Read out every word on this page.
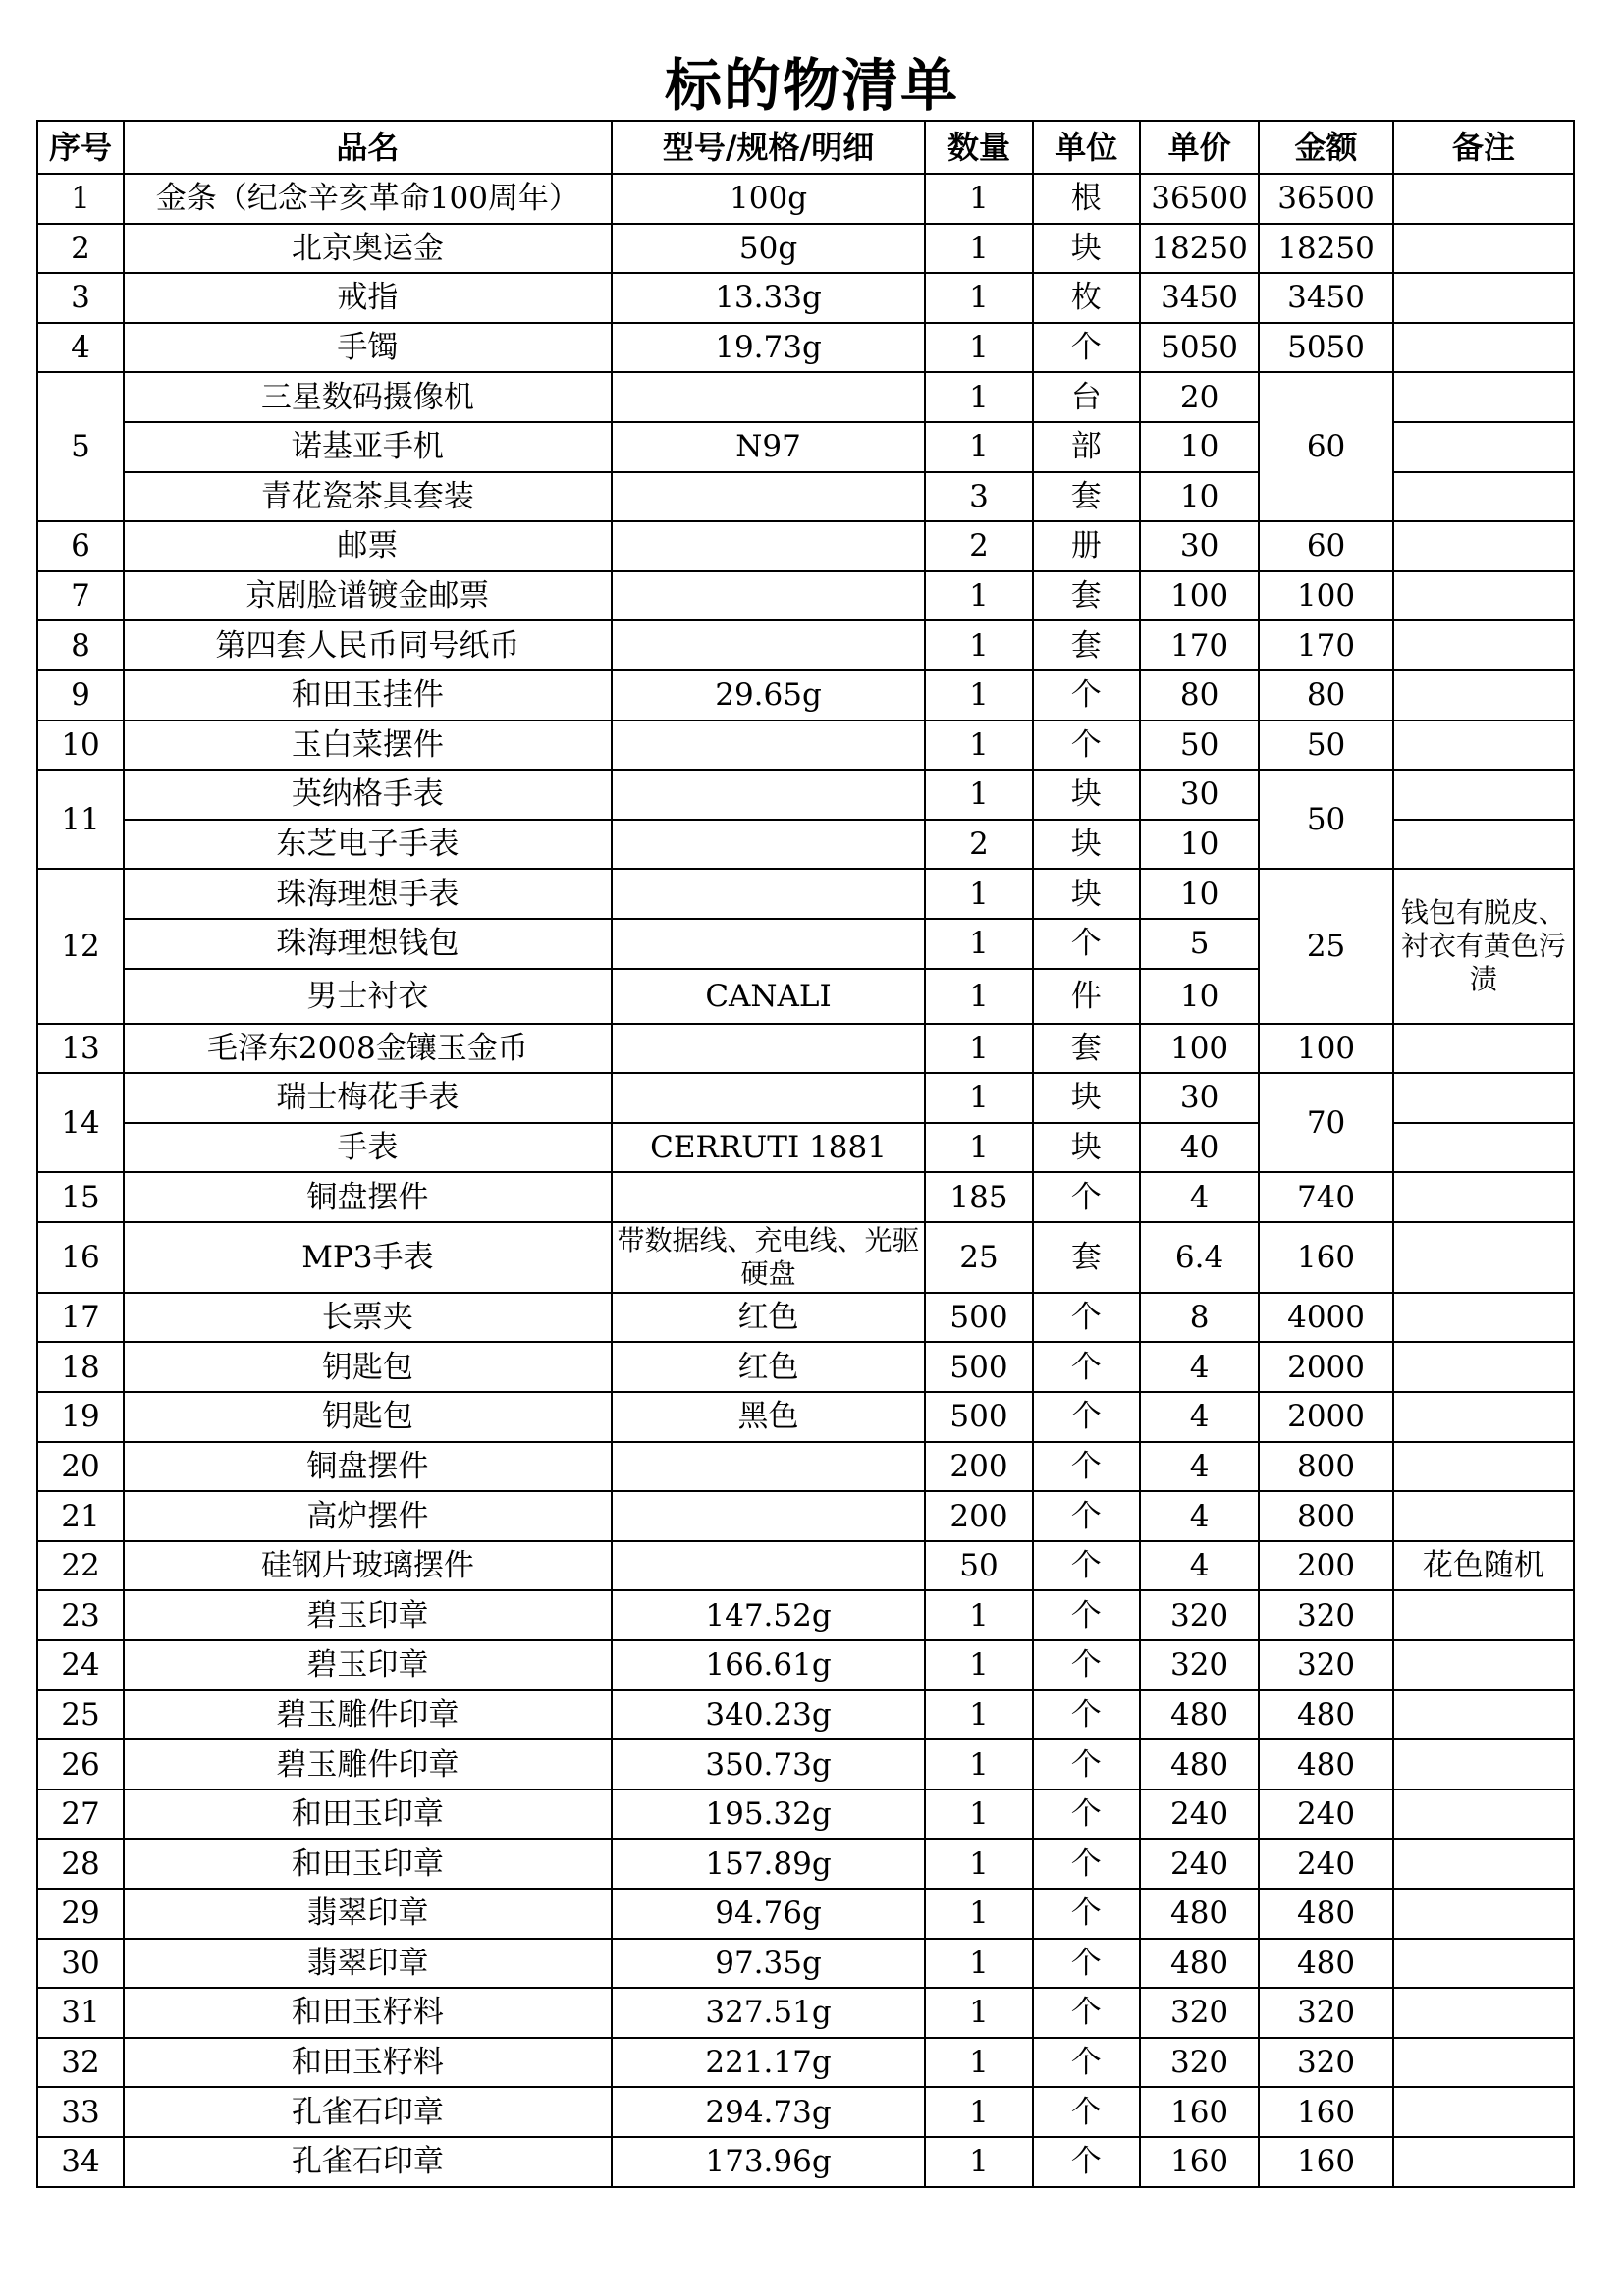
标的物清单
序号	品名	型号/规格/明细	数量	单位	单价	金额	备注
1	金条（纪念辛亥革命100周年）	100g	1	根	36500	36500	
2	北京奥运金	50g	1	块	18250	18250	
3	戒指	13.33g	1	枚	3450	3450	
4	手镯	19.73g	1	个	5050	5050	
5	三星数码摄像机		1	台	20	60	
	诺基亚手机	N97	1	部	10		
	青花瓷茶具套装		3	套	10		
6	邮票		2	册	30	60	
7	京剧脸谱镀金邮票		1	套	100	100	
8	第四套人民币同号纸币		1	套	170	170	
9	和田玉挂件	29.65g	1	个	80	80	
10	玉白菜摆件		1	个	50	50	
11	英纳格手表		1	块	30	50	
	东芝电子手表		2	块	10		
12	珠海理想手表		1	块	10	25	钱包有脱皮、衬衣有黄色污渍
	珠海理想钱包		1	个	5		
	男士衬衣	CANALI	1	件	10		
13	毛泽东2008金镶玉金币		1	套	100	100	
14	瑞士梅花手表		1	块	30	70	
	手表	CERRUTI 1881	1	块	40		
15	铜盘摆件		185	个	4	740	
16	MP3手表	带数据线、充电线、光驱硬盘	25	套	6.4	160	
17	长票夹	红色	500	个	8	4000	
18	钥匙包	红色	500	个	4	2000	
19	钥匙包	黑色	500	个	4	2000	
20	铜盘摆件		200	个	4	800	
21	高炉摆件		200	个	4	800	
22	硅钢片玻璃摆件		50	个	4	200	花色随机
23	碧玉印章	147.52g	1	个	320	320	
24	碧玉印章	166.61g	1	个	320	320	
25	碧玉雕件印章	340.23g	1	个	480	480	
26	碧玉雕件印章	350.73g	1	个	480	480	
27	和田玉印章	195.32g	1	个	240	240	
28	和田玉印章	157.89g	1	个	240	240	
29	翡翠印章	94.76g	1	个	480	480	
30	翡翠印章	97.35g	1	个	480	480	
31	和田玉籽料	327.51g	1	个	320	320	
32	和田玉籽料	221.17g	1	个	320	320	
33	孔雀石印章	294.73g	1	个	160	160	
34	孔雀石印章	173.96g	1	个	160	160	
